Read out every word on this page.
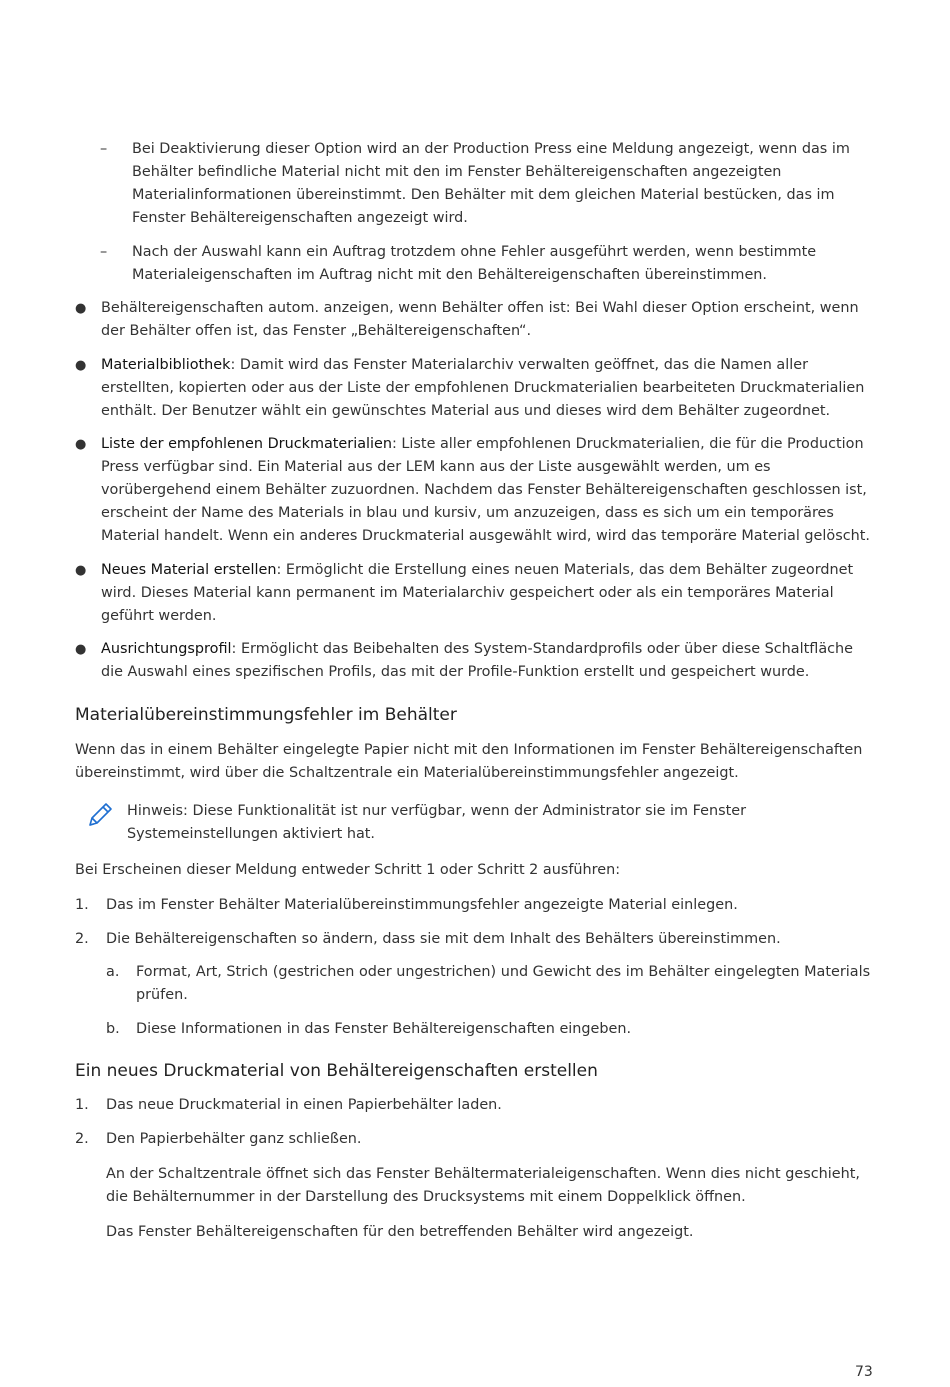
– Bei Deaktivierung dieser Option wird an der Production Press eine Meldung angezeigt, wenn das im Behälter befindliche Material nicht mit den im Fenster Behältereigenschaften angezeigten Materialinformationen übereinstimmt. Den Behälter mit dem gleichen Material bestücken, das im Fenster Behältereigenschaften angezeigt wird.

– Nach der Auswahl kann ein Auftrag trotzdem ohne Fehler ausgeführt werden, wenn bestimmte Materialeigenschaften im Auftrag nicht mit den Behältereigenschaften übereinstimmen.

● Behältereigenschaften autom. anzeigen, wenn Behälter offen ist: Bei Wahl dieser Option erscheint, wenn der Behälter offen ist, das Fenster „Behältereigenschaften“.

● Materialbibliothek: Damit wird das Fenster Materialarchiv verwalten geöffnet, das die Namen aller erstellten, kopierten oder aus der Liste der empfohlenen Druckmaterialien bearbeiteten Druckmaterialien enthält. Der Benutzer wählt ein gewünschtes Material aus und dieses wird dem Behälter zugeordnet.

● Liste der empfohlenen Druckmaterialien: Liste aller empfohlenen Druckmaterialien, die für die Production Press verfügbar sind. Ein Material aus der LEM kann aus der Liste ausgewählt werden, um es vorübergehend einem Behälter zuzuordnen. Nachdem das Fenster Behältereigenschaften geschlossen ist, erscheint der Name des Materials in blau und kursiv, um anzuzeigen, dass es sich um ein temporäres Material handelt. Wenn ein anderes Druckmaterial ausgewählt wird, wird das temporäre Material gelöscht.

● Neues Material erstellen: Ermöglicht die Erstellung eines neuen Materials, das dem Behälter zugeordnet wird. Dieses Material kann permanent im Materialarchiv gespeichert oder als ein temporäres Material geführt werden.

● Ausrichtungsprofil: Ermöglicht das Beibehalten des System-Standardprofils oder über diese Schaltfläche die Auswahl eines spezifischen Profils, das mit der Profile-Funktion erstellt und gespeichert wurde.

Materialübereinstimmungsfehler im Behälter

Wenn das in einem Behälter eingelegte Papier nicht mit den Informationen im Fenster Behältereigenschaften übereinstimmt, wird über die Schaltzentrale ein Materialübereinstimmungsfehler angezeigt.

Hinweis: Diese Funktionalität ist nur verfügbar, wenn der Administrator sie im Fenster Systemeinstellungen aktiviert hat.

Bei Erscheinen dieser Meldung entweder Schritt 1 oder Schritt 2 ausführen:

1. Das im Fenster Behälter Materialübereinstimmungsfehler angezeigte Material einlegen.

2. Die Behältereigenschaften so ändern, dass sie mit dem Inhalt des Behälters übereinstimmen.

a. Format, Art, Strich (gestrichen oder ungestrichen) und Gewicht des im Behälter eingelegten Materials prüfen.

b. Diese Informationen in das Fenster Behältereigenschaften eingeben.

Ein neues Druckmaterial von Behältereigenschaften erstellen

1. Das neue Druckmaterial in einen Papierbehälter laden.

2. Den Papierbehälter ganz schließen.

An der Schaltzentrale öffnet sich das Fenster Behältermaterialeigenschaften. Wenn dies nicht geschieht, die Behälternummer in der Darstellung des Drucksystems mit einem Doppelklick öffnen.

Das Fenster Behältereigenschaften für den betreffenden Behälter wird angezeigt.

73
